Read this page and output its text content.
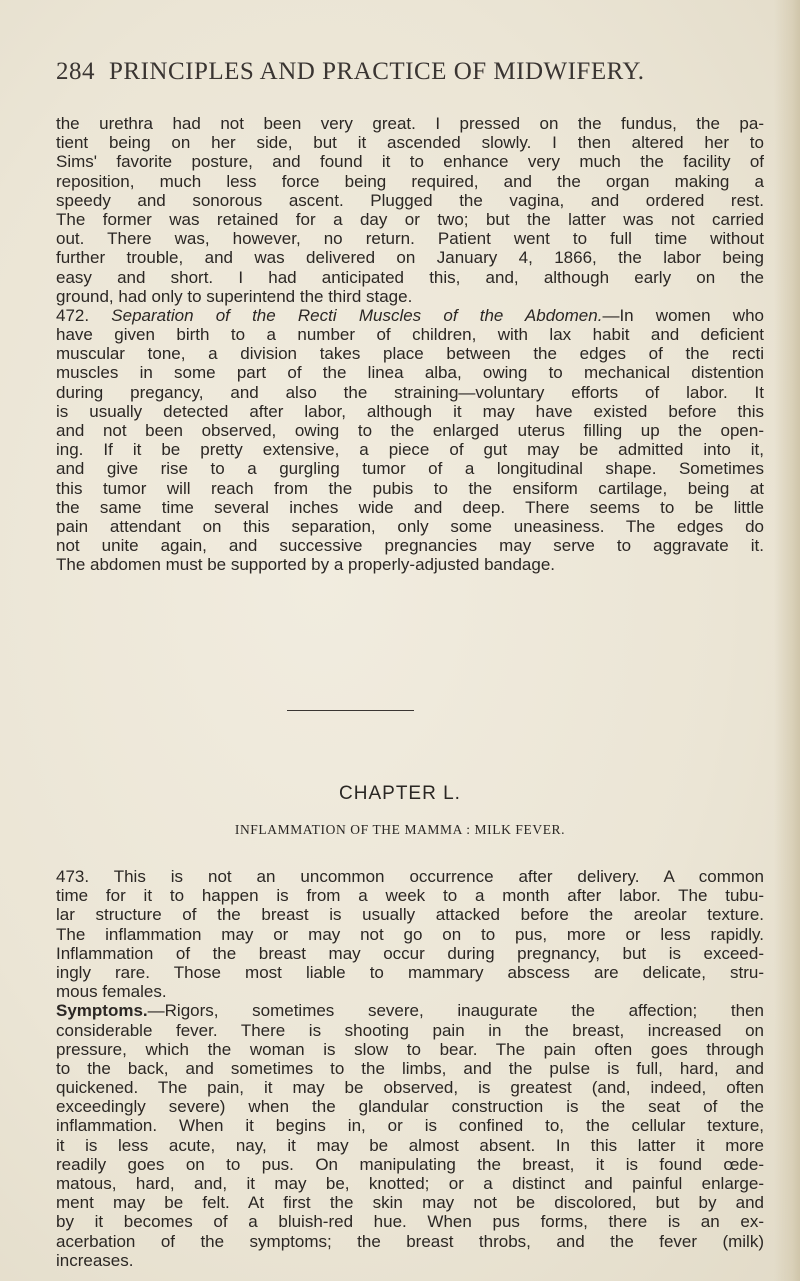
284 PRINCIPLES AND PRACTICE OF MIDWIFERY.
the urethra had not been very great. I pressed on the fundus, the pa-
tient being on her side, but it ascended slowly. I then altered her to
Sims' favorite posture, and found it to enhance very much the facility of
reposition, much less force being required, and the organ making a
speedy and sonorous ascent. Plugged the vagina, and ordered rest.
The former was retained for a day or two; but the latter was not carried
out. There was, however, no return. Patient went to full time without
further trouble, and was delivered on January 4, 1866, the labor being
easy and short. I had anticipated this, and, although early on the
ground, had only to superintend the third stage.
472. Separation of the Recti Muscles of the Abdomen.—In women who
have given birth to a number of children, with lax habit and deficient
muscular tone, a division takes place between the edges of the recti
muscles in some part of the linea alba, owing to mechanical distention
during pregancy, and also the straining—voluntary efforts of labor. It
is usually detected after labor, although it may have existed before this
and not been observed, owing to the enlarged uterus filling up the open-
ing. If it be pretty extensive, a piece of gut may be admitted into it,
and give rise to a gurgling tumor of a longitudinal shape. Sometimes
this tumor will reach from the pubis to the ensiform cartilage, being at
the same time several inches wide and deep. There seems to be little
pain attendant on this separation, only some uneasiness. The edges do
not unite again, and successive pregnancies may serve to aggravate it.
The abdomen must be supported by a properly-adjusted bandage.
CHAPTER L.
INFLAMMATION OF THE MAMMA : MILK FEVER.
473. This is not an uncommon occurrence after delivery. A common
time for it to happen is from a week to a month after labor. The tubu-
lar structure of the breast is usually attacked before the areolar texture.
The inflammation may or may not go on to pus, more or less rapidly.
Inflammation of the breast may occur during pregnancy, but is exceed-
ingly rare. Those most liable to mammary abscess are delicate, stru-
mous females.
Symptoms.—Rigors, sometimes severe, inaugurate the affection; then
considerable fever. There is shooting pain in the breast, increased on
pressure, which the woman is slow to bear. The pain often goes through
to the back, and sometimes to the limbs, and the pulse is full, hard, and
quickened. The pain, it may be observed, is greatest (and, indeed, often
exceedingly severe) when the glandular construction is the seat of the
inflammation. When it begins in, or is confined to, the cellular texture,
it is less acute, nay, it may be almost absent. In this latter it more
readily goes on to pus. On manipulating the breast, it is found œde-
matous, hard, and, it may be, knotted; or a distinct and painful enlarge-
ment may be felt. At first the skin may not be discolored, but by and
by it becomes of a bluish-red hue. When pus forms, there is an ex-
acerbation of the symptoms; the breast throbs, and the fever (milk)
increases.
